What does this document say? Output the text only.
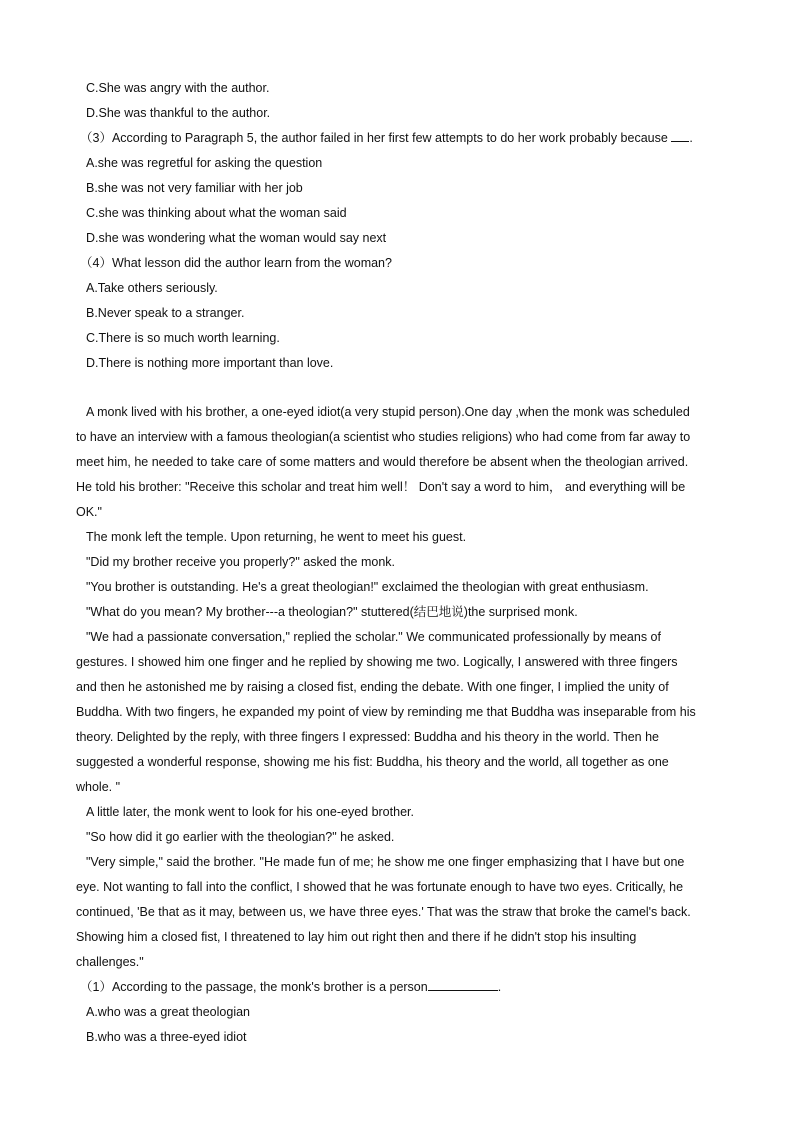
C.She was angry with the author.
D.She was thankful to the author.
（3）According to Paragraph 5, the author failed in her first few attempts to do her work probably because .
A.she was regretful for asking the question
B.she was not very familiar with her job
C.she was thinking about what the woman said
D.she was wondering what the woman would say next
（4）What lesson did the author learn from the woman?
A.Take others seriously.
B.Never speak to a stranger.
C.There is so much worth learning.
D.There is nothing more important than love.
A monk lived with his brother, a one-eyed idiot(a very stupid person).One day ,when the monk was scheduled
to have an interview with a famous theologian(a scientist who studies religions) who had come from far away to
meet him, he needed to take care of some matters and would therefore be absent when the theologian arrived.
He told his brother: "Receive this scholar and treat him well！ Don't say a word to him， and everything will be
OK."
The monk left the temple. Upon returning, he went to meet his guest.
"Did my brother receive you properly?" asked the monk.
"You brother is outstanding. He's a great theologian!" exclaimed the theologian with great enthusiasm.
"What do you mean? My brother---a theologian?" stuttered(结巴地说)the surprised monk.
"We had a passionate conversation," replied the scholar." We communicated professionally by means of
gestures. I showed him one finger and he replied by showing me two. Logically, I answered with three fingers
and then he astonished me by raising a closed fist, ending the debate. With one finger, I implied the unity of
Buddha. With two fingers, he expanded my point of view by reminding me that Buddha was inseparable from his
theory. Delighted by the reply, with three fingers I expressed: Buddha and his theory in the world. Then he
suggested a wonderful response, showing me his fist: Buddha, his theory and the world, all together as one
whole. "
A little later, the monk went to look for his one-eyed brother.
"So how did it go earlier with the theologian?" he asked.
"Very simple," said the brother. "He made fun of me; he show me one finger emphasizing that I have but one
eye. Not wanting to fall into the conflict, I showed that he was fortunate enough to have two eyes. Critically, he
continued, 'Be that as it may, between us, we have three eyes.' That was the straw that broke the camel's back.
Showing him a closed fist, I threatened to lay him out right then and there if he didn't stop his insulting
challenges."
（1）According to the passage, the monk's brother is a person	.
A.who was a great theologian
B.who was a three-eyed idiot
